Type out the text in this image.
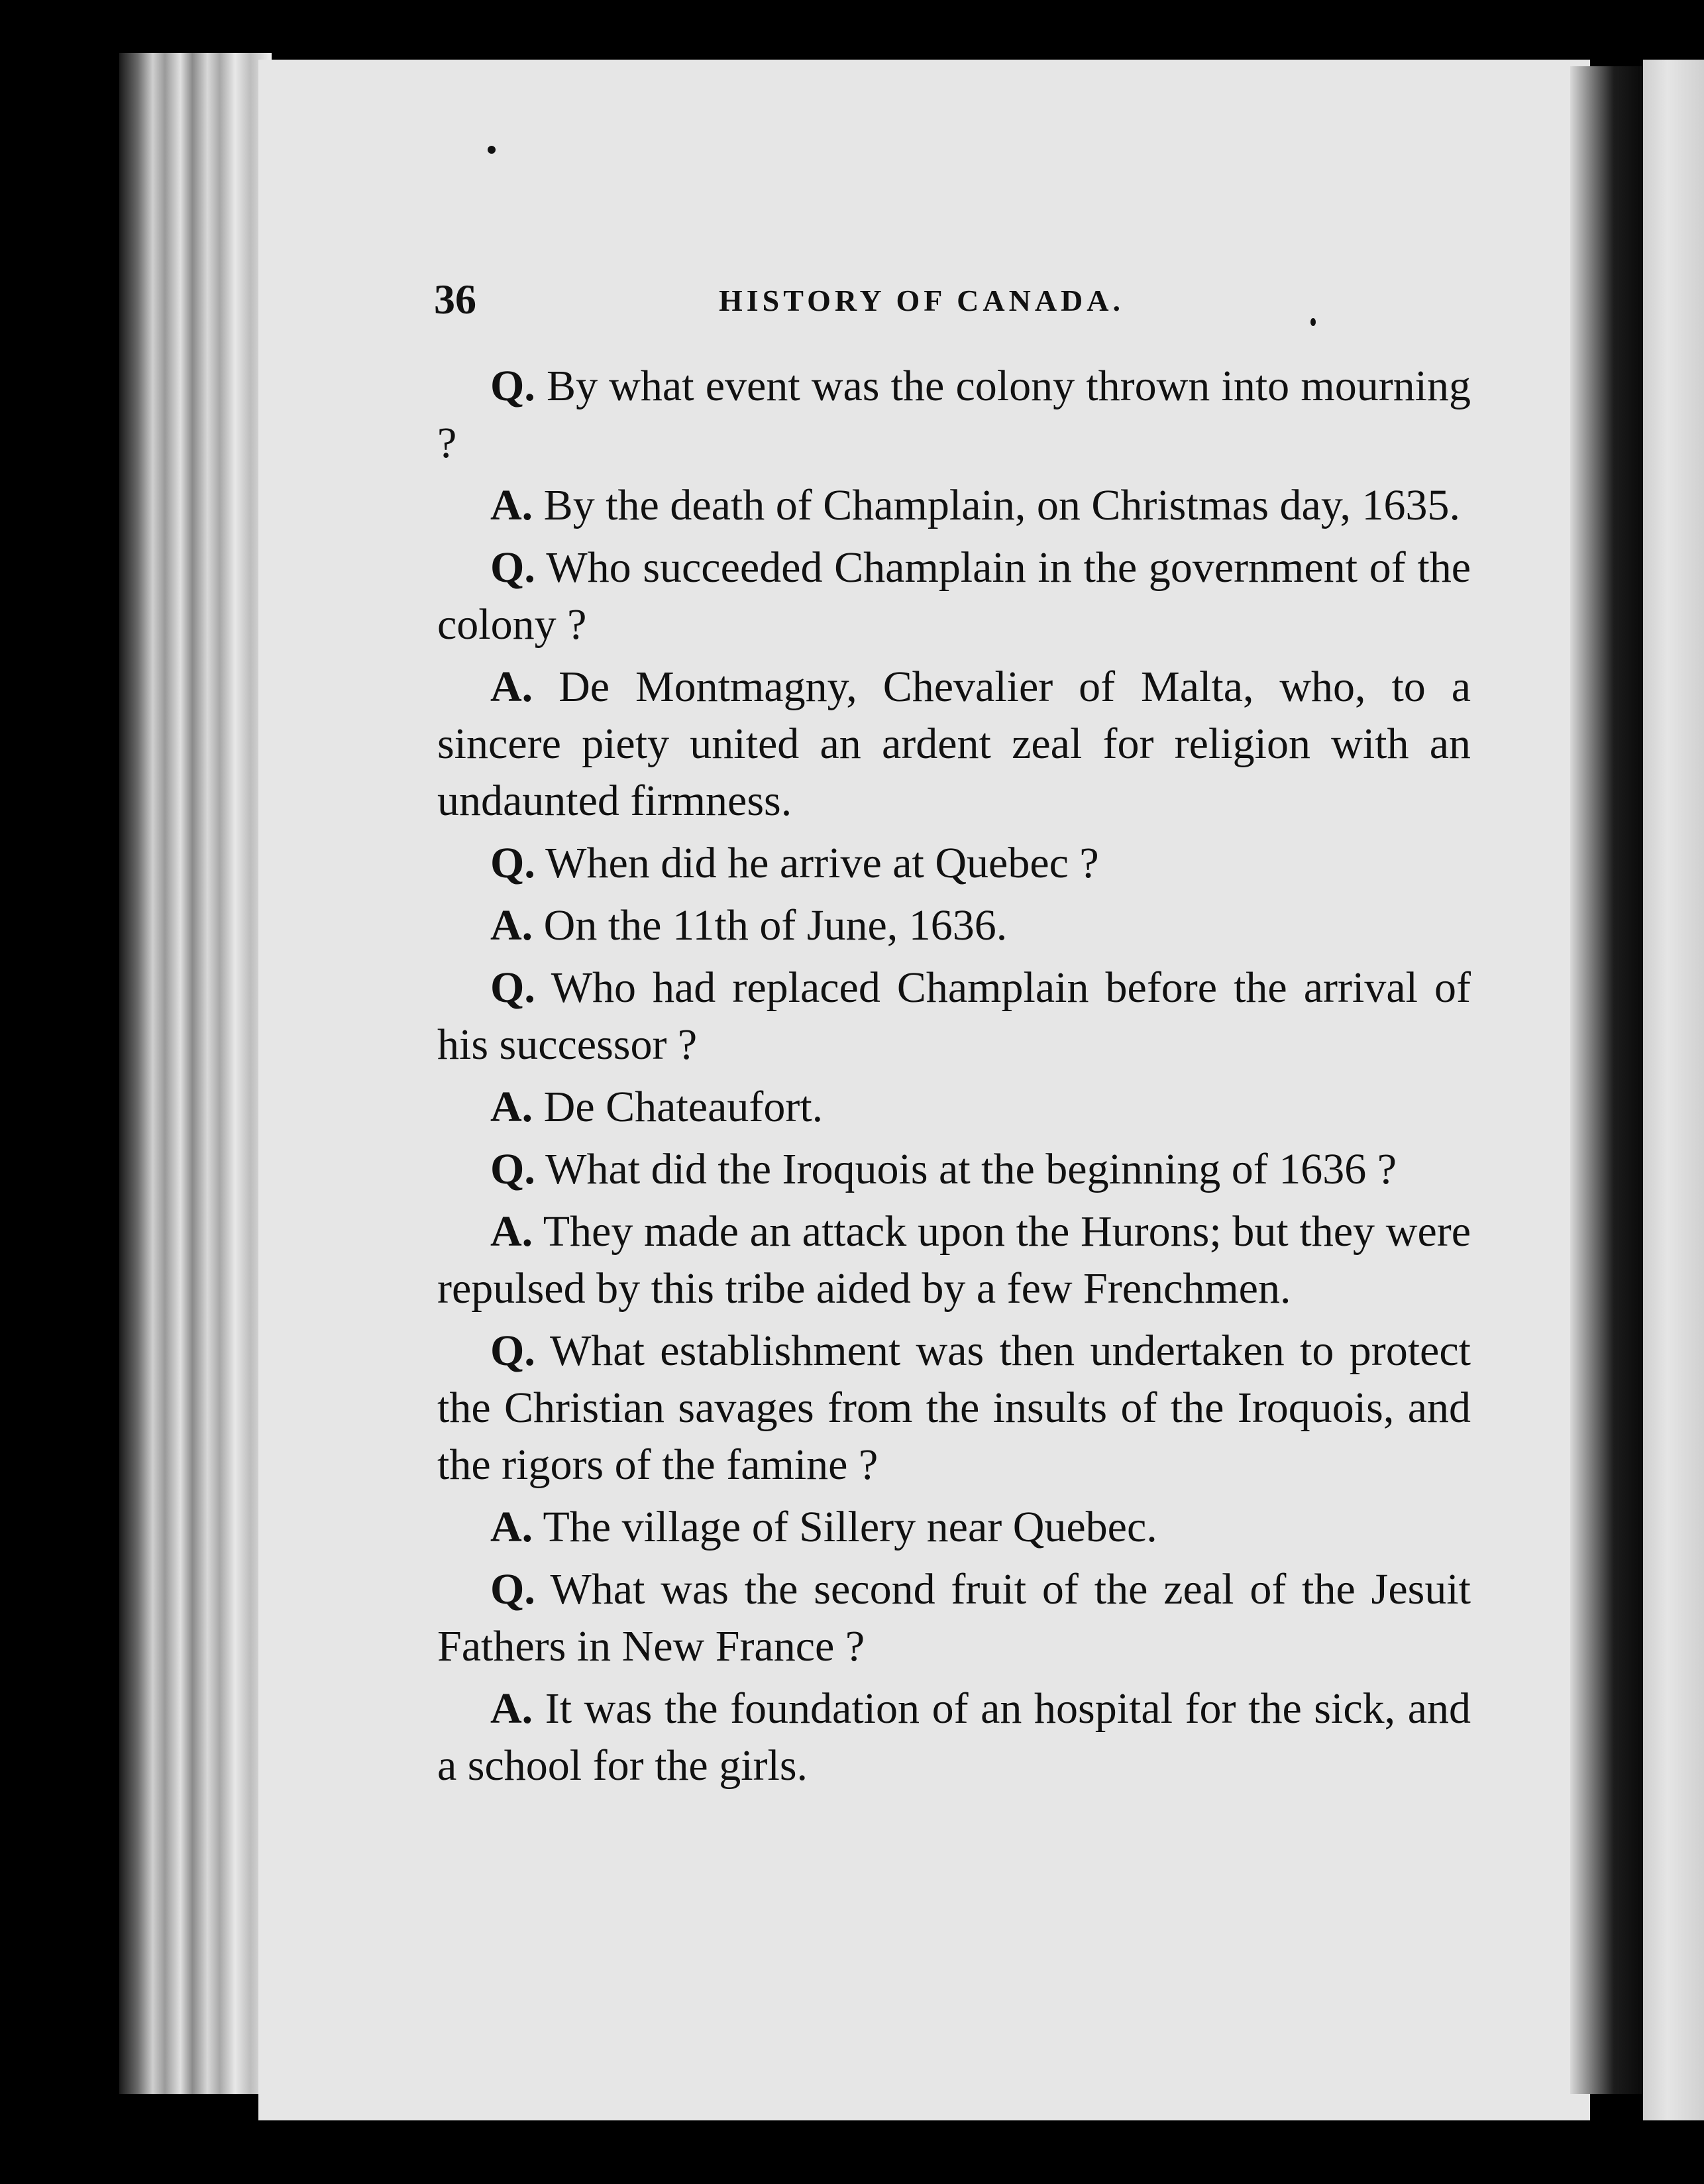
36	HISTORY OF CANADA.

Q. By what event was the colony thrown into mourning ?

A. By the death of Champlain, on Christmas day, 1635.

Q. Who succeeded Champlain in the government of the colony ?

A. De Montmagny, Chevalier of Malta, who, to a sincere piety united an ardent zeal for religion with an undaunted firmness.

Q. When did he arrive at Quebec ?

A. On the 11th of June, 1636.

Q. Who had replaced Champlain before the arrival of his successor ?

A. De Chateaufort.

Q. What did the Iroquois at the beginning of 1636 ?

A. They made an attack upon the Hurons; but they were repulsed by this tribe aided by a few Frenchmen.

Q. What establishment was then undertaken to protect the Christian savages from the insults of the Iroquois, and the rigors of the famine ?

A. The village of Sillery near Quebec.

Q. What was the second fruit of the zeal of the Jesuit Fathers in New France ?

A. It was the foundation of an hospital for the sick, and a school for the girls.
